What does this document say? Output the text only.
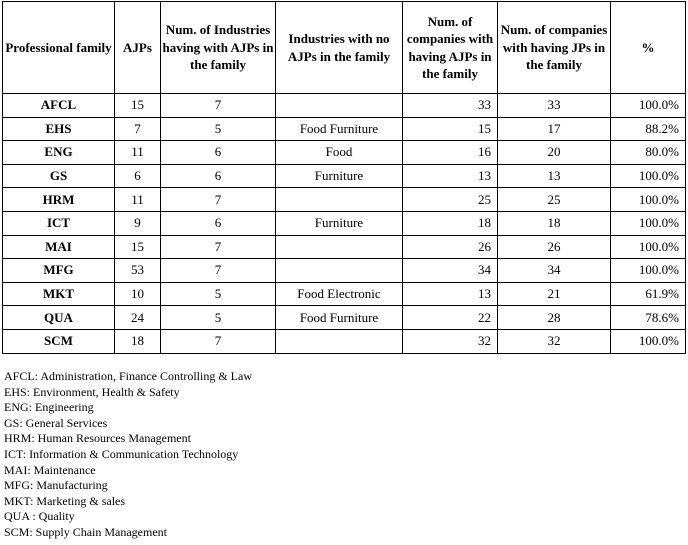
Professional family	AJPs	Num. of Industries having with AJPs in the family	Industries with no AJPs in the family	Num. of companies with having AJPs in the family	Num. of companies with having JPs in the family	%
AFCL	15	7		33	33	100.0%
EHS	7	5	Food Furniture	15	17	88.2%
ENG	11	6	Food	16	20	80.0%
GS	6	6	Furniture	13	13	100.0%
HRM	11	7		25	25	100.0%
ICT	9	6	Furniture	18	18	100.0%
MAI	15	7		26	26	100.0%
MFG	53	7		34	34	100.0%
MKT	10	5	Food Electronic	13	21	61.9%
QUA	24	5	Food Furniture	22	28	78.6%
SCM	18	7		32	32	100.0%
AFCL: Administration, Finance Controlling & Law
EHS: Environment, Health & Safety
ENG: Engineering
GS: General Services
HRM: Human Resources Management
ICT: Information & Communication Technology
MAI: Maintenance
MFG: Manufacturing
MKT: Marketing & sales
QUA : Quality
SCM: Supply Chain Management
